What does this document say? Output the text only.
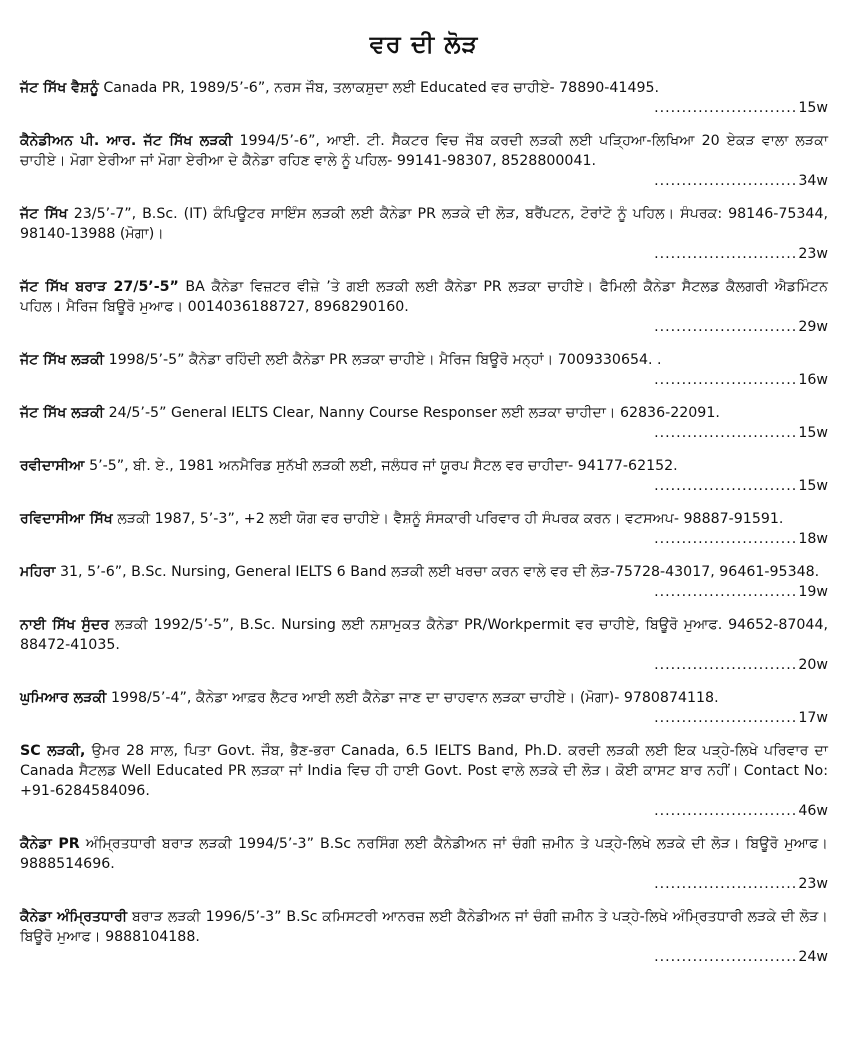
ਵਰ ਦੀ ਲੋੜ

ਜੱਟ ਸਿੱਖ ਵੈਸ਼ਨੂੰ Canada PR, 1989/5’-6”, ਨਰਸ ਜੌਬ, ਤਲਾਕਸ਼ੁਦਾ ਲਈ Educated ਵਰ ਚਾਹੀਏ- 78890-41495.

.......................... 15w

ਕੈਨੇਡੀਅਨ ਪੀ. ਆਰ. ਜੱਟ ਸਿੱਖ ਲੜਕੀ 1994/5’-6”, ਆਈ. ਟੀ. ਸੈਕਟਰ ਵਿਚ ਜੌਬ ਕਰਦੀ ਲੜਕੀ ਲਈ ਪੜ੍ਹਿਆ-ਲਿਖਿਆ 20 ਏਕੜ ਵਾਲਾ ਲੜਕਾ ਚਾਹੀਏ। ਮੋਗਾ ਏਰੀਆ ਜਾਂ ਮੋਗਾ ਏਰੀਆ ਦੇ ਕੈਨੇਡਾ ਰਹਿਣ ਵਾਲੇ ਨੂੰ ਪਹਿਲ- 99141-98307, 8528800041.

.......................... 34w

ਜੱਟ ਸਿੱਖ 23/5’-7”, B.Sc. (IT) ਕੰਪਿਊਟਰ ਸਾਇੰਸ ਲੜਕੀ ਲਈ ਕੈਨੇਡਾ PR ਲੜਕੇ ਦੀ ਲੋੜ, ਬਰੈਂਪਟਨ, ਟੋਰਾਂਟੋ ਨੂੰ ਪਹਿਲ। ਸੰਪਰਕ: 98146-75344, 98140-13988 (ਮੋਗਾ)।

.......................... 23w

ਜੱਟ ਸਿੱਖ ਬਰਾੜ 27/5’-5” BA ਕੈਨੇਡਾ ਵਿਜ਼ਟਰ ਵੀਜ਼ੇ ’ਤੇ ਗਈ ਲੜਕੀ ਲਈ ਕੈਨੇਡਾ PR ਲੜਕਾ ਚਾਹੀਏ। ਫੈਮਿਲੀ ਕੈਨੇਡਾ ਸੈਟਲਡ ਕੈਲਗਰੀ ਐਡਮਿੰਟਨ ਪਹਿਲ। ਮੈਰਿਜ ਬਿਊਰੋ ਮੁਆਫ। 0014036188727, 8968290160.

.......................... 29w

ਜੱਟ ਸਿੱਖ ਲੜਕੀ 1998/5’-5” ਕੈਨੇਡਾ ਰਹਿੰਦੀ ਲਈ ਕੈਨੇਡਾ PR ਲੜਕਾ ਚਾਹੀਏ। ਮੈਰਿਜ ਬਿਊਰੋ ਮਨ੍ਹਾਂ। 7009330654. .

.......................... 16w

ਜੱਟ ਸਿੱਖ ਲੜਕੀ 24/5’-5” General IELTS Clear, Nanny Course Responser ਲਈ ਲੜਕਾ ਚਾਹੀਦਾ। 62836-22091.

.......................... 15w

ਰਵੀਦਾਸੀਆ 5’-5”, ਬੀ. ਏ., 1981 ਅਨਮੈਰਿਡ ਸੁਨੱਖੀ ਲੜਕੀ ਲਈ, ਜਲੰਧਰ ਜਾਂ ਯੂਰਪ ਸੈਟਲ ਵਰ ਚਾਹੀਦਾ- 94177-62152.

.......................... 15w

ਰਵਿਦਾਸੀਆ ਸਿੱਖ ਲੜਕੀ 1987, 5’-3”, +2 ਲਈ ਯੋਗ ਵਰ ਚਾਹੀਏ। ਵੈਸ਼ਨੂੰ ਸੰਸਕਾਰੀ ਪਰਿਵਾਰ ਹੀ ਸੰਪਰਕ ਕਰਨ। ਵਟਸਅਪ- 98887-91591.

.......................... 18w

ਮਹਿਰਾ 31, 5’-6”, B.Sc. Nursing, General IELTS 6 Band ਲੜਕੀ ਲਈ ਖਰਚਾ ਕਰਨ ਵਾਲੇ ਵਰ ਦੀ ਲੋੜ-75728-43017, 96461-95348.

.......................... 19w

ਨਾਈ ਸਿੱਖ ਸੁੰਦਰ ਲੜਕੀ 1992/5’-5”, B.Sc. Nursing ਲਈ ਨਸ਼ਾਮੁਕਤ ਕੈਨੇਡਾ PR/Workpermit ਵਰ ਚਾਹੀਏ, ਬਿਊਰੋ ਮੁਆਫ. 94652-87044, 88472-41035.

.......................... 20w

ਘੁਮਿਆਰ ਲੜਕੀ 1998/5’-4”, ਕੈਨੇਡਾ ਆਫ਼ਰ ਲੈਟਰ ਆਈ ਲਈ ਕੈਨੇਡਾ ਜਾਣ ਦਾ ਚਾਹਵਾਨ ਲੜਕਾ ਚਾਹੀਏ। (ਮੋਗਾ)- 9780874118.

.......................... 17w

SC ਲੜਕੀ, ਉਮਰ 28 ਸਾਲ, ਪਿਤਾ Govt. ਜੌਬ, ਭੈਣ-ਭਰਾ Canada, 6.5 IELTS Band, Ph.D. ਕਰਦੀ ਲੜਕੀ ਲਈ ਇਕ ਪੜ੍ਹੇ-ਲਿਖੇ ਪਰਿਵਾਰ ਦਾ Canada ਸੈਟਲਡ Well Educated PR ਲੜਕਾ ਜਾਂ India ਵਿਚ ਹੀ ਹਾਈ Govt. Post ਵਾਲੇ ਲੜਕੇ ਦੀ ਲੋੜ। ਕੋਈ ਕਾਸਟ ਬਾਰ ਨਹੀਂ। Contact No: +91-6284584096.

.......................... 46w

ਕੈਨੇਡਾ PR ਅੰਮ੍ਰਿਤਧਾਰੀ ਬਰਾੜ ਲੜਕੀ 1994/5’-3” B.Sc ਨਰਸਿੰਗ ਲਈ ਕੈਨੇਡੀਅਨ ਜਾਂ ਚੰਗੀ ਜ਼ਮੀਨ ਤੇ ਪੜ੍ਹੇ-ਲਿਖੇ ਲੜਕੇ ਦੀ ਲੋੜ। ਬਿਊਰੋ ਮੁਆਫ। 9888514696.

.......................... 23w

ਕੈਨੇਡਾ ਅੰਮ੍ਰਿਤਧਾਰੀ ਬਰਾੜ ਲੜਕੀ 1996/5’-3” B.Sc ਕਮਿਸਟਰੀ ਆਨਰਜ਼ ਲਈ ਕੈਨੇਡੀਅਨ ਜਾਂ ਚੰਗੀ ਜ਼ਮੀਨ ਤੇ ਪੜ੍ਹੇ-ਲਿਖੇ ਅੰਮ੍ਰਿਤਧਾਰੀ ਲੜਕੇ ਦੀ ਲੋੜ। ਬਿਊਰੋ ਮੁਆਫ। 9888104188.

.......................... 24w
